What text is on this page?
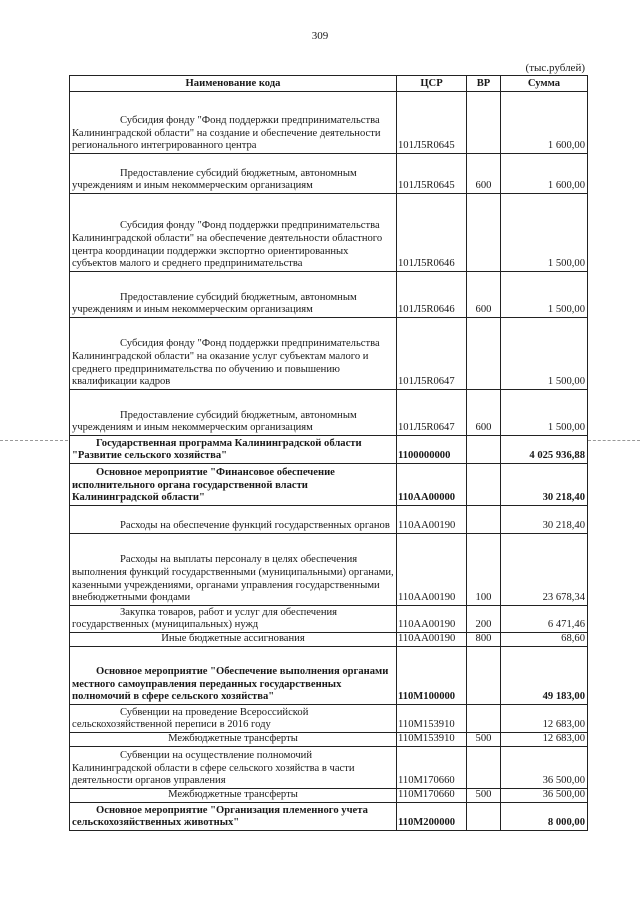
309
(тыс.рублей)
Наименование кода	ЦСР	ВР	Сумма
Субсидия фонду "Фонд поддержки предпринимательства Калининградской области" на создание и обеспечение деятельности регионального интегрированного центра	101Л5R0645		1 600,00
Предоставление субсидий бюджетным, автономным учреждениям и иным некоммерческим организациям	101Л5R0645	600	1 600,00
Субсидия фонду "Фонд поддержки предпринимательства Калининградской области" на обеспечение деятельности областного центра координации поддержки экспортно ориентированных субъектов малого и среднего предпринимательства	101Л5R0646		1 500,00
Предоставление субсидий бюджетным, автономным учреждениям и иным некоммерческим организациям	101Л5R0646	600	1 500,00
Субсидия фонду "Фонд поддержки предпринимательства Калининградской области" на оказание услуг субъектам малого и среднего предпринимательства по обучению и повышению квалификации кадров	101Л5R0647		1 500,00
Предоставление субсидий бюджетным, автономным учреждениям и иным некоммерческим организациям	101Л5R0647	600	1 500,00
Государственная программа Калининградской области "Развитие сельского хозяйства"	1100000000		4 025 936,88
Основное мероприятие "Финансовое обеспечение исполнительного органа государственной власти Калининградской области"	110АА00000		30 218,40
Расходы на обеспечение функций государственных органов	110АА00190		30 218,40
Расходы на выплаты персоналу в целях обеспечения выполнения функций государственными (муниципальными) органами, казенными учреждениями, органами управления государственными внебюджетными фондами	110АА00190	100	23 678,34
Закупка товаров, работ и услуг для обеспечения государственных (муниципальных) нужд	110АА00190	200	6 471,46
Иные бюджетные ассигнования	110АА00190	800	68,60
Основное мероприятие "Обеспечение выполнения органами местного самоуправления переданных государственных полномочий в сфере сельского хозяйства"	110М100000		49 183,00
Субвенции на проведение Всероссийской сельскохозяйственной переписи в 2016 году	110М153910		12 683,00
Межбюджетные трансферты	110М153910	500	12 683,00
Субвенции на осуществление полномочий Калининградской области в сфере сельского хозяйства в части деятельности органов управления	110М170660		36 500,00
Межбюджетные трансферты	110М170660	500	36 500,00
Основное мероприятие "Организация племенного учета сельскохозяйственных животных"	110М200000		8 000,00
